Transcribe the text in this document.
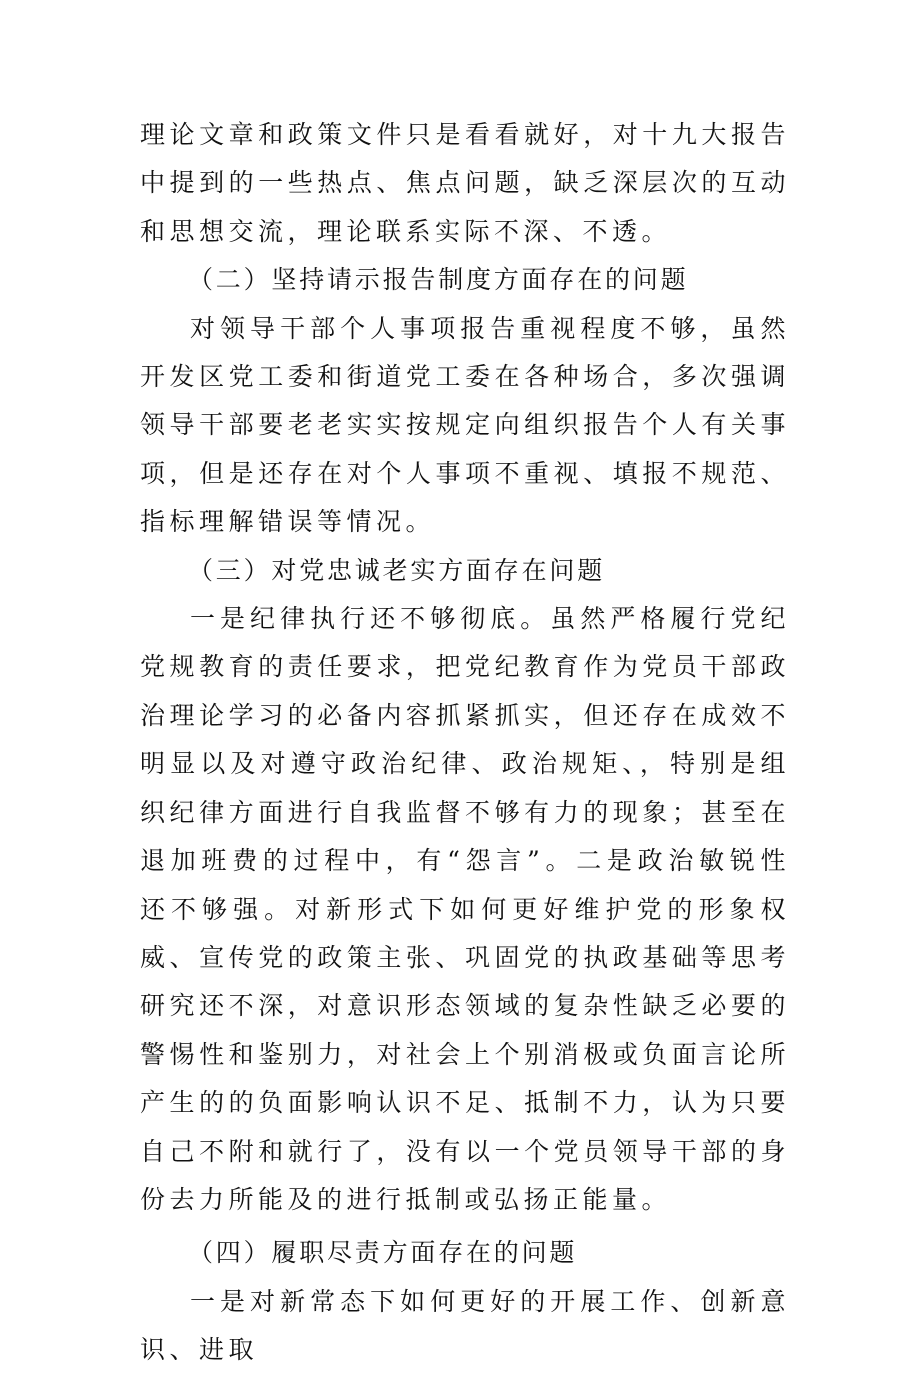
理论文章和政策文件只是看看就好，对十九大报告中提到的一些热点、焦点问题，缺乏深层次的互动和思想交流，理论联系实际不深、不透。

（二）坚持请示报告制度方面存在的问题

对领导干部个人事项报告重视程度不够，虽然开发区党工委和街道党工委在各种场合，多次强调领导干部要老老实实按规定向组织报告个人有关事项，但是还存在对个人事项不重视、填报不规范、指标理解错误等情况。

（三）对党忠诚老实方面存在问题

一是纪律执行还不够彻底。虽然严格履行党纪党规教育的责任要求，把党纪教育作为党员干部政治理论学习的必备内容抓紧抓实，但还存在成效不明显以及对遵守政治纪律、政治规矩、，特别是组织纪律方面进行自我监督不够有力的现象；甚至在退加班费的过程中，有“怨言”。二是政治敏锐性还不够强。对新形式下如何更好维护党的形象权威、宣传党的政策主张、巩固党的执政基础等思考研究还不深，对意识形态领域的复杂性缺乏必要的警惕性和鉴别力，对社会上个别消极或负面言论所产生的的负面影响认识不足、抵制不力，认为只要自己不附和就行了，没有以一个党员领导干部的身份去力所能及的进行抵制或弘扬正能量。

（四）履职尽责方面存在的问题

一是对新常态下如何更好的开展工作、创新意识、进取
